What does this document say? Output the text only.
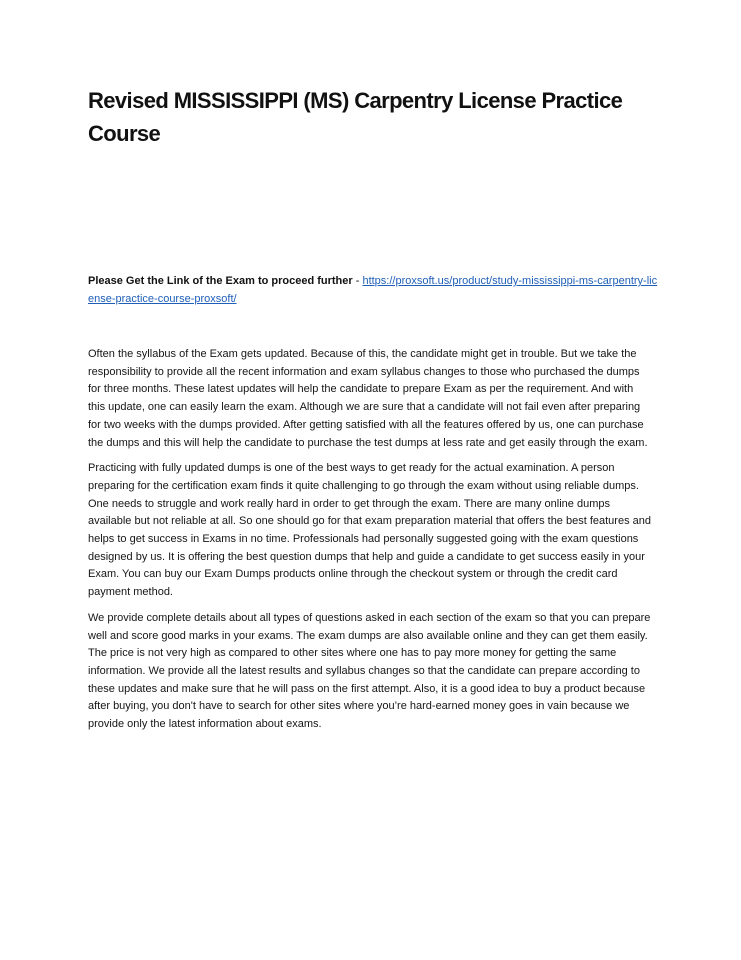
Revised MISSISSIPPI (MS) Carpentry License Practice Course

Please Get the Link of the Exam to proceed further - https://proxsoft.us/product/study-mississippi-ms-carpentry-license-practice-course-proxsoft/

Often the syllabus of the Exam gets updated. Because of this, the candidate might get in trouble. But we take the responsibility to provide all the recent information and exam syllabus changes to those who purchased the dumps for three months. These latest updates will help the candidate to prepare Exam as per the requirement. And with this update, one can easily learn the exam. Although we are sure that a candidate will not fail even after preparing for two weeks with the dumps provided. After getting satisfied with all the features offered by us, one can purchase the dumps and this will help the candidate to purchase the test dumps at less rate and get easily through the exam.

Practicing with fully updated dumps is one of the best ways to get ready for the actual examination. A person preparing for the certification exam finds it quite challenging to go through the exam without using reliable dumps. One needs to struggle and work really hard in order to get through the exam. There are many online dumps available but not reliable at all. So one should go for that exam preparation material that offers the best features and helps to get success in Exams in no time. Professionals had personally suggested going with the exam questions designed by us. It is offering the best question dumps that help and guide a candidate to get success easily in your Exam. You can buy our Exam Dumps products online through the checkout system or through the credit card payment method.

We provide complete details about all types of questions asked in each section of the exam so that you can prepare well and score good marks in your exams. The exam dumps are also available online and they can get them easily. The price is not very high as compared to other sites where one has to pay more money for getting the same information. We provide all the latest results and syllabus changes so that the candidate can prepare according to these updates and make sure that he will pass on the first attempt. Also, it is a good idea to buy a product because after buying, you don't have to search for other sites where you’re hard-earned money goes in vain because we provide only the latest information about exams.
